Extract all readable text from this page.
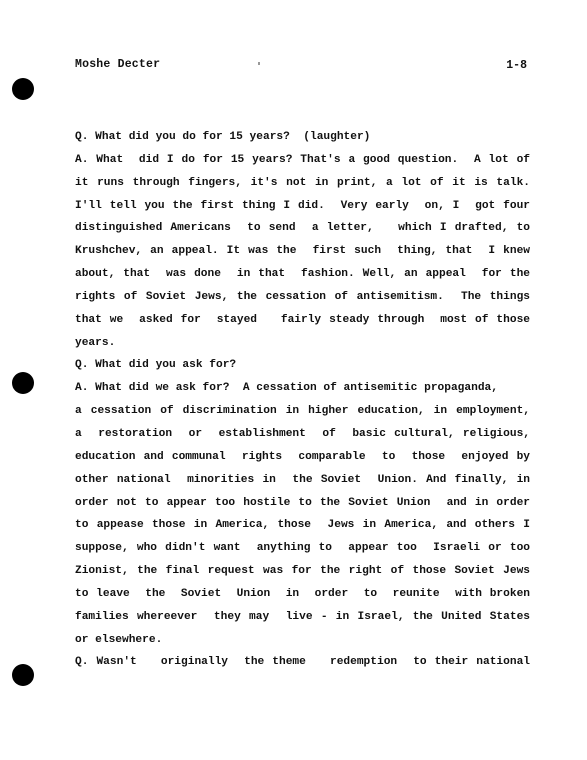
Moshe Decter	1-8
Q. What did you do for 15 years?  (laughter)
A. What  did I do for 15 years? That's a good question.  A lot of
it runs through fingers, it's not in print, a lot of it is talk.
I'll tell you the first thing I did.  Very early  on, I  got four
distinguished Americans  to send  a letter,   which I drafted, to
Krushchev, an appeal. It was the  first such  thing, that  I knew
about, that  was done  in that  fashion. Well, an appeal  for the
rights of Soviet Jews, the cessation of antisemitism.  The things
that we  asked for  stayed   fairly steady through  most of those
years.
Q. What did you ask for?
A. What did we ask for?  A cessation of antisemitic propaganda,
a cessation of discrimination in higher education, in employment,
a  restoration  or  establishment  of  basic cultural, religious,
education and communal  rights  comparable  to  those  enjoyed by
other national  minorities in  the Soviet  Union. And finally, in
order not to appear too hostile to the Soviet Union  and in order
to appease those in America, those  Jews in America, and others I
suppose, who didn't want  anything to  appear too  Israeli or too
Zionist, the final request was for the right of those Soviet Jews
to leave  the  Soviet  Union  in  order  to  reunite  with broken
families whereever  they may  live - in Israel, the United States
or elsewhere.
Q. Wasn't   originally  the theme   redemption  to their national
